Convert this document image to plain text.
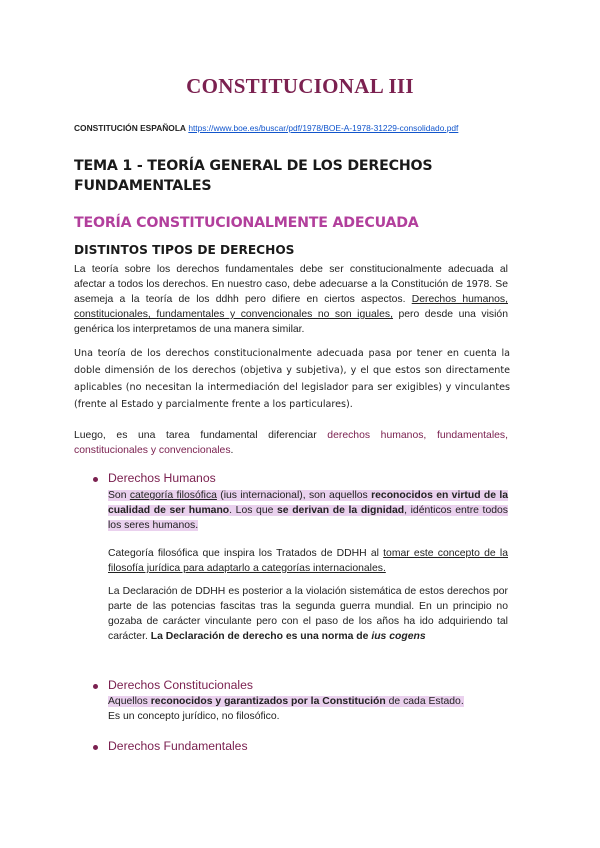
CONSTITUCIONAL III
CONSTITUCIÓN ESPAÑOLA https://www.boe.es/buscar/pdf/1978/BOE-A-1978-31229-consolidado.pdf
TEMA 1 - TEORÍA GENERAL DE LOS DERECHOS FUNDAMENTALES
TEORÍA CONSTITUCIONALMENTE ADECUADA
DISTINTOS TIPOS DE DERECHOS
La teoría sobre los derechos fundamentales debe ser constitucionalmente adecuada al afectar a todos los derechos. En nuestro caso, debe adecuarse a la Constitución de 1978. Se asemeja a la teoría de los ddhh pero difiere en ciertos aspectos. Derechos humanos, constitucionales, fundamentales y convencionales no son iguales, pero desde una visión genérica los interpretamos de una manera similar.
Una teoría de los derechos constitucionalmente adecuada pasa por tener en cuenta la doble dimensión de los derechos (objetiva y subjetiva), y el que estos son directamente aplicables (no necesitan la intermediación del legislador para ser exigibles) y vinculantes (frente al Estado y parcialmente frente a los particulares).
Luego, es una tarea fundamental diferenciar derechos humanos, fundamentales, constitucionales y convencionales.
Derechos Humanos
Son categoría filosófica (ius internacional), son aquellos reconocidos en virtud de la cualidad de ser humano. Los que se derivan de la dignidad, idénticos entre todos los seres humanos.
Categoría filosófica que inspira los Tratados de DDHH al tomar este concepto de la filosofía jurídica para adaptarlo a categorías internacionales.
La Declaración de DDHH es posterior a la violación sistemática de estos derechos por parte de las potencias fascitas tras la segunda guerra mundial. En un principio no gozaba de carácter vinculante pero con el paso de los años ha ido adquiriendo tal carácter. La Declaración de derecho es una norma de ius cogens
Derechos Constitucionales
Aquellos reconocidos y garantizados por la Constitución de cada Estado.
Es un concepto jurídico, no filosófico.
Derechos Fundamentales
